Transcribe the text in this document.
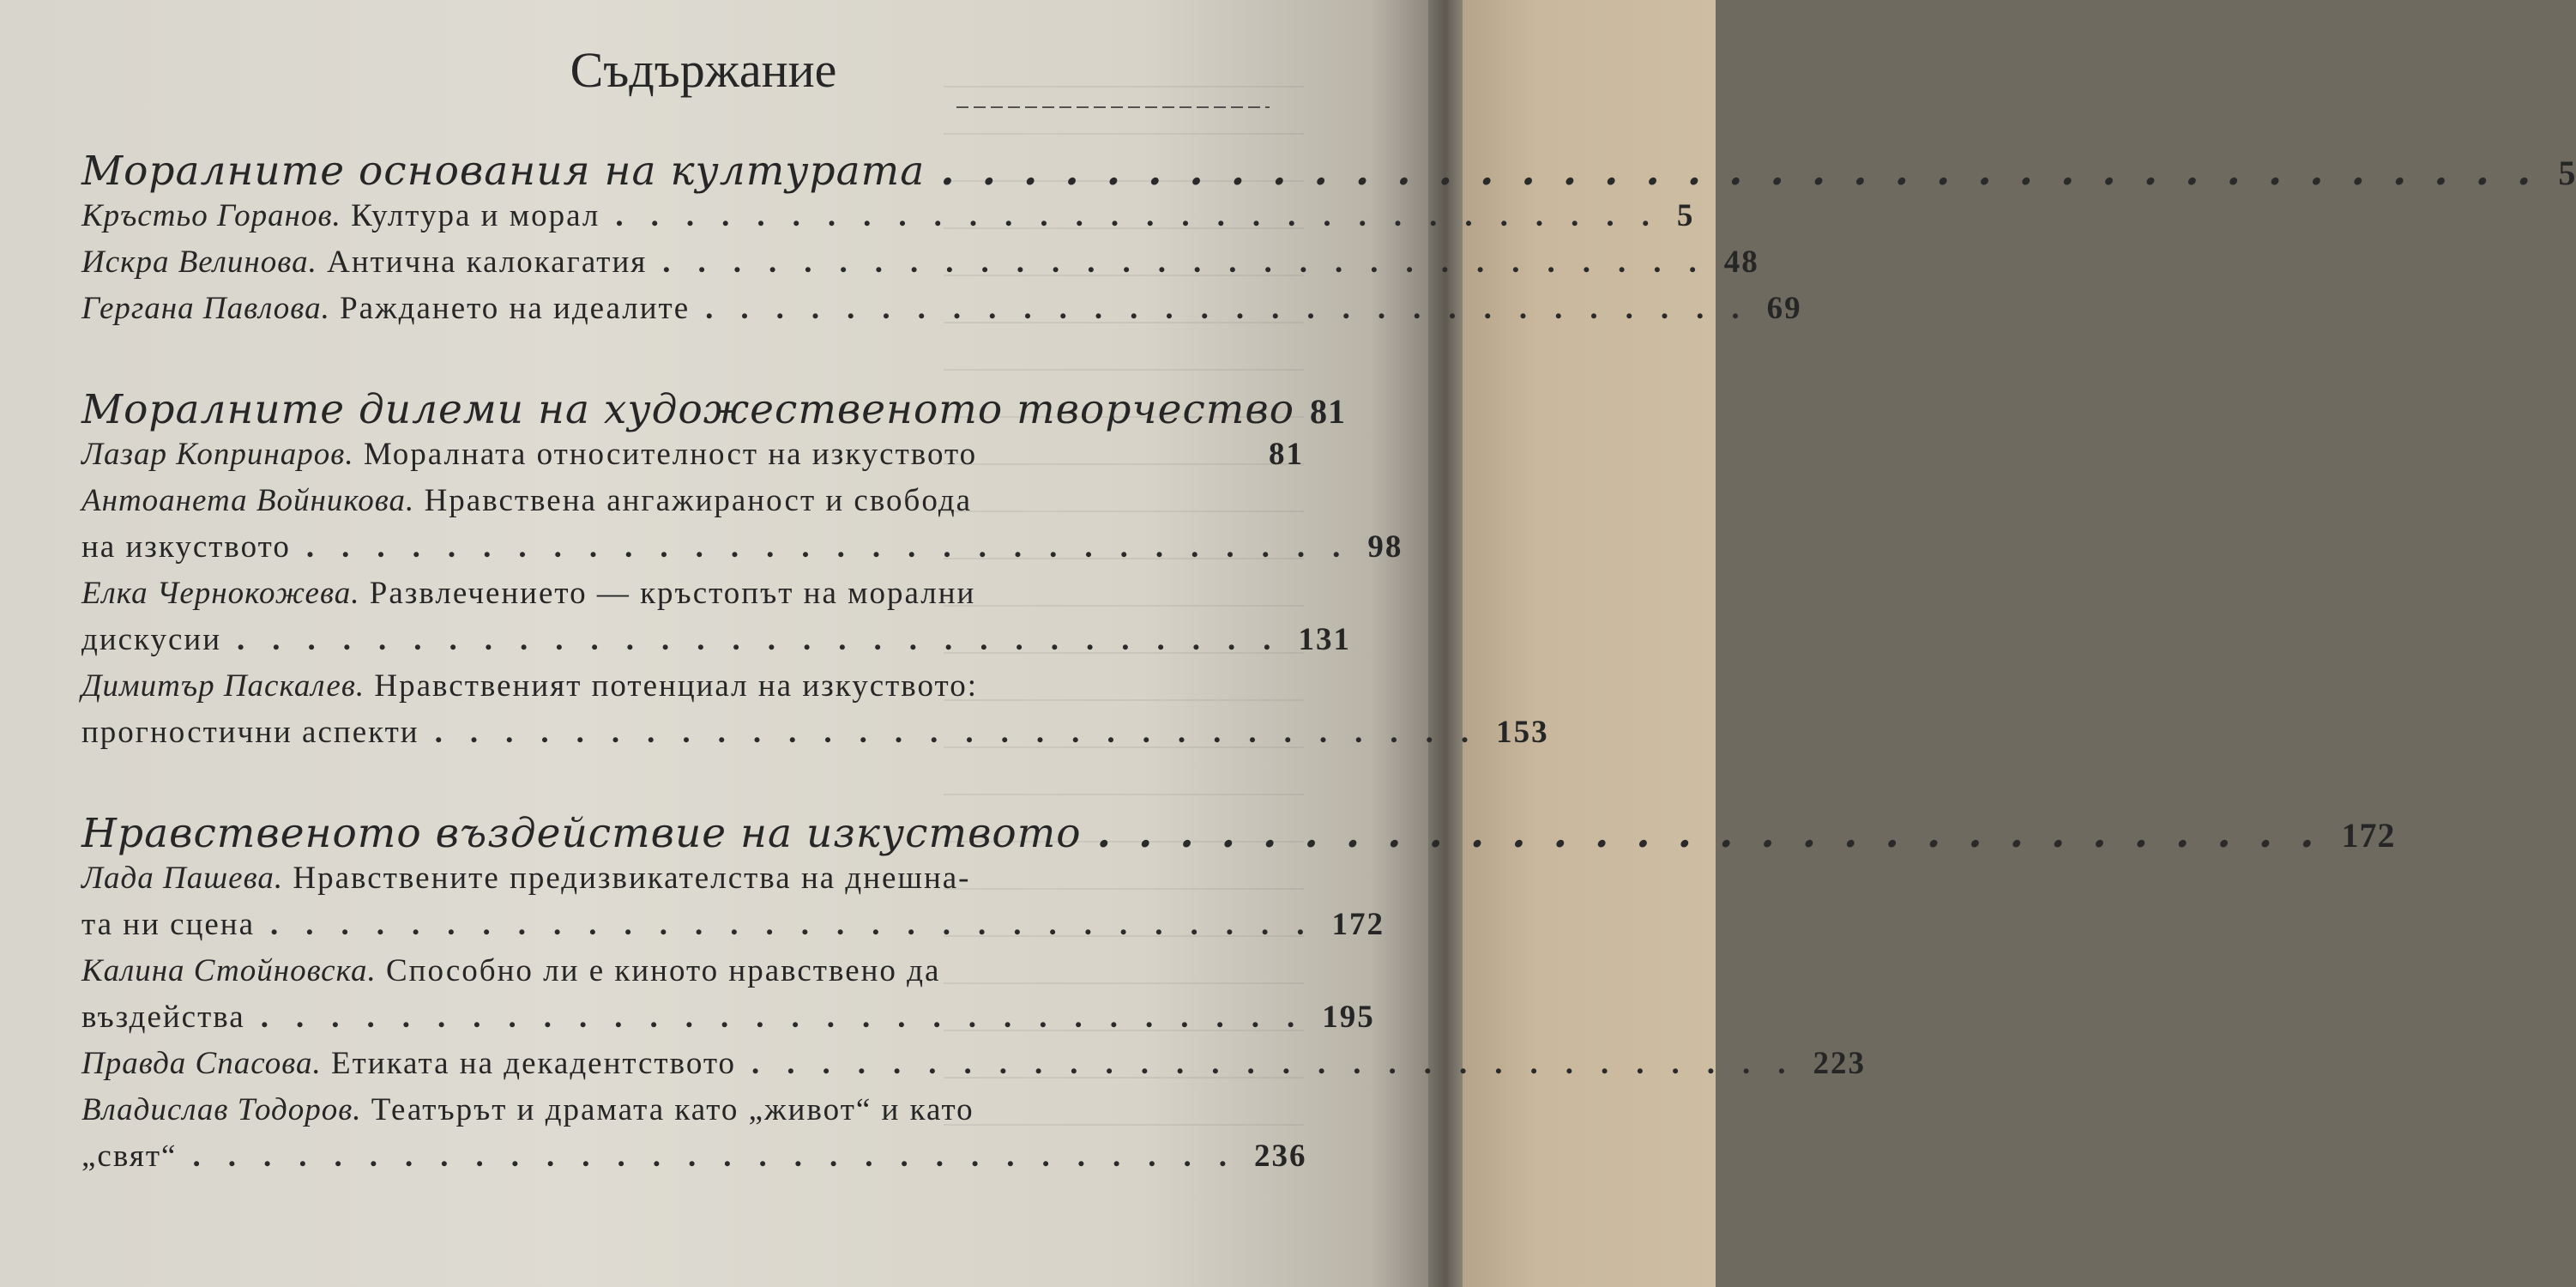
Съдържание
Моралните основания на културата ....................................... 5
Кръстьо Горанов. Култура и морал .............................. 5
Искра Велинова. Антична калокагатия .............................. 48
Гергана Павлова. Раждането на идеалите .............................. 69
Моралните дилеми на художественото творчество 81
Лазар Копринаров. Моралната относителност на изкуството	81
Антоанета Войникова. Нравствена ангажираност и свобода
на изкуството .............................. 98
Елка Чернокожева. Развлечението — кръстопът на морални
дискусии .............................. 131
Димитър Паскалев. Нравственият потенциал на изкуството:
прогностични аспекти .............................. 153
Нравственото въздействие на изкуството .............................. 172
Лада Пашева. Нравствените предизвикателства на днешна-
та ни сцена .............................. 172
Калина Стойновска. Способно ли е киното нравствено да
въздейства .............................. 195
Правда Спасова. Етиката на декадентството .............................. 223
Владислав Тодоров. Театърът и драмата като „живот“ и като
„свят“ .............................. 236
